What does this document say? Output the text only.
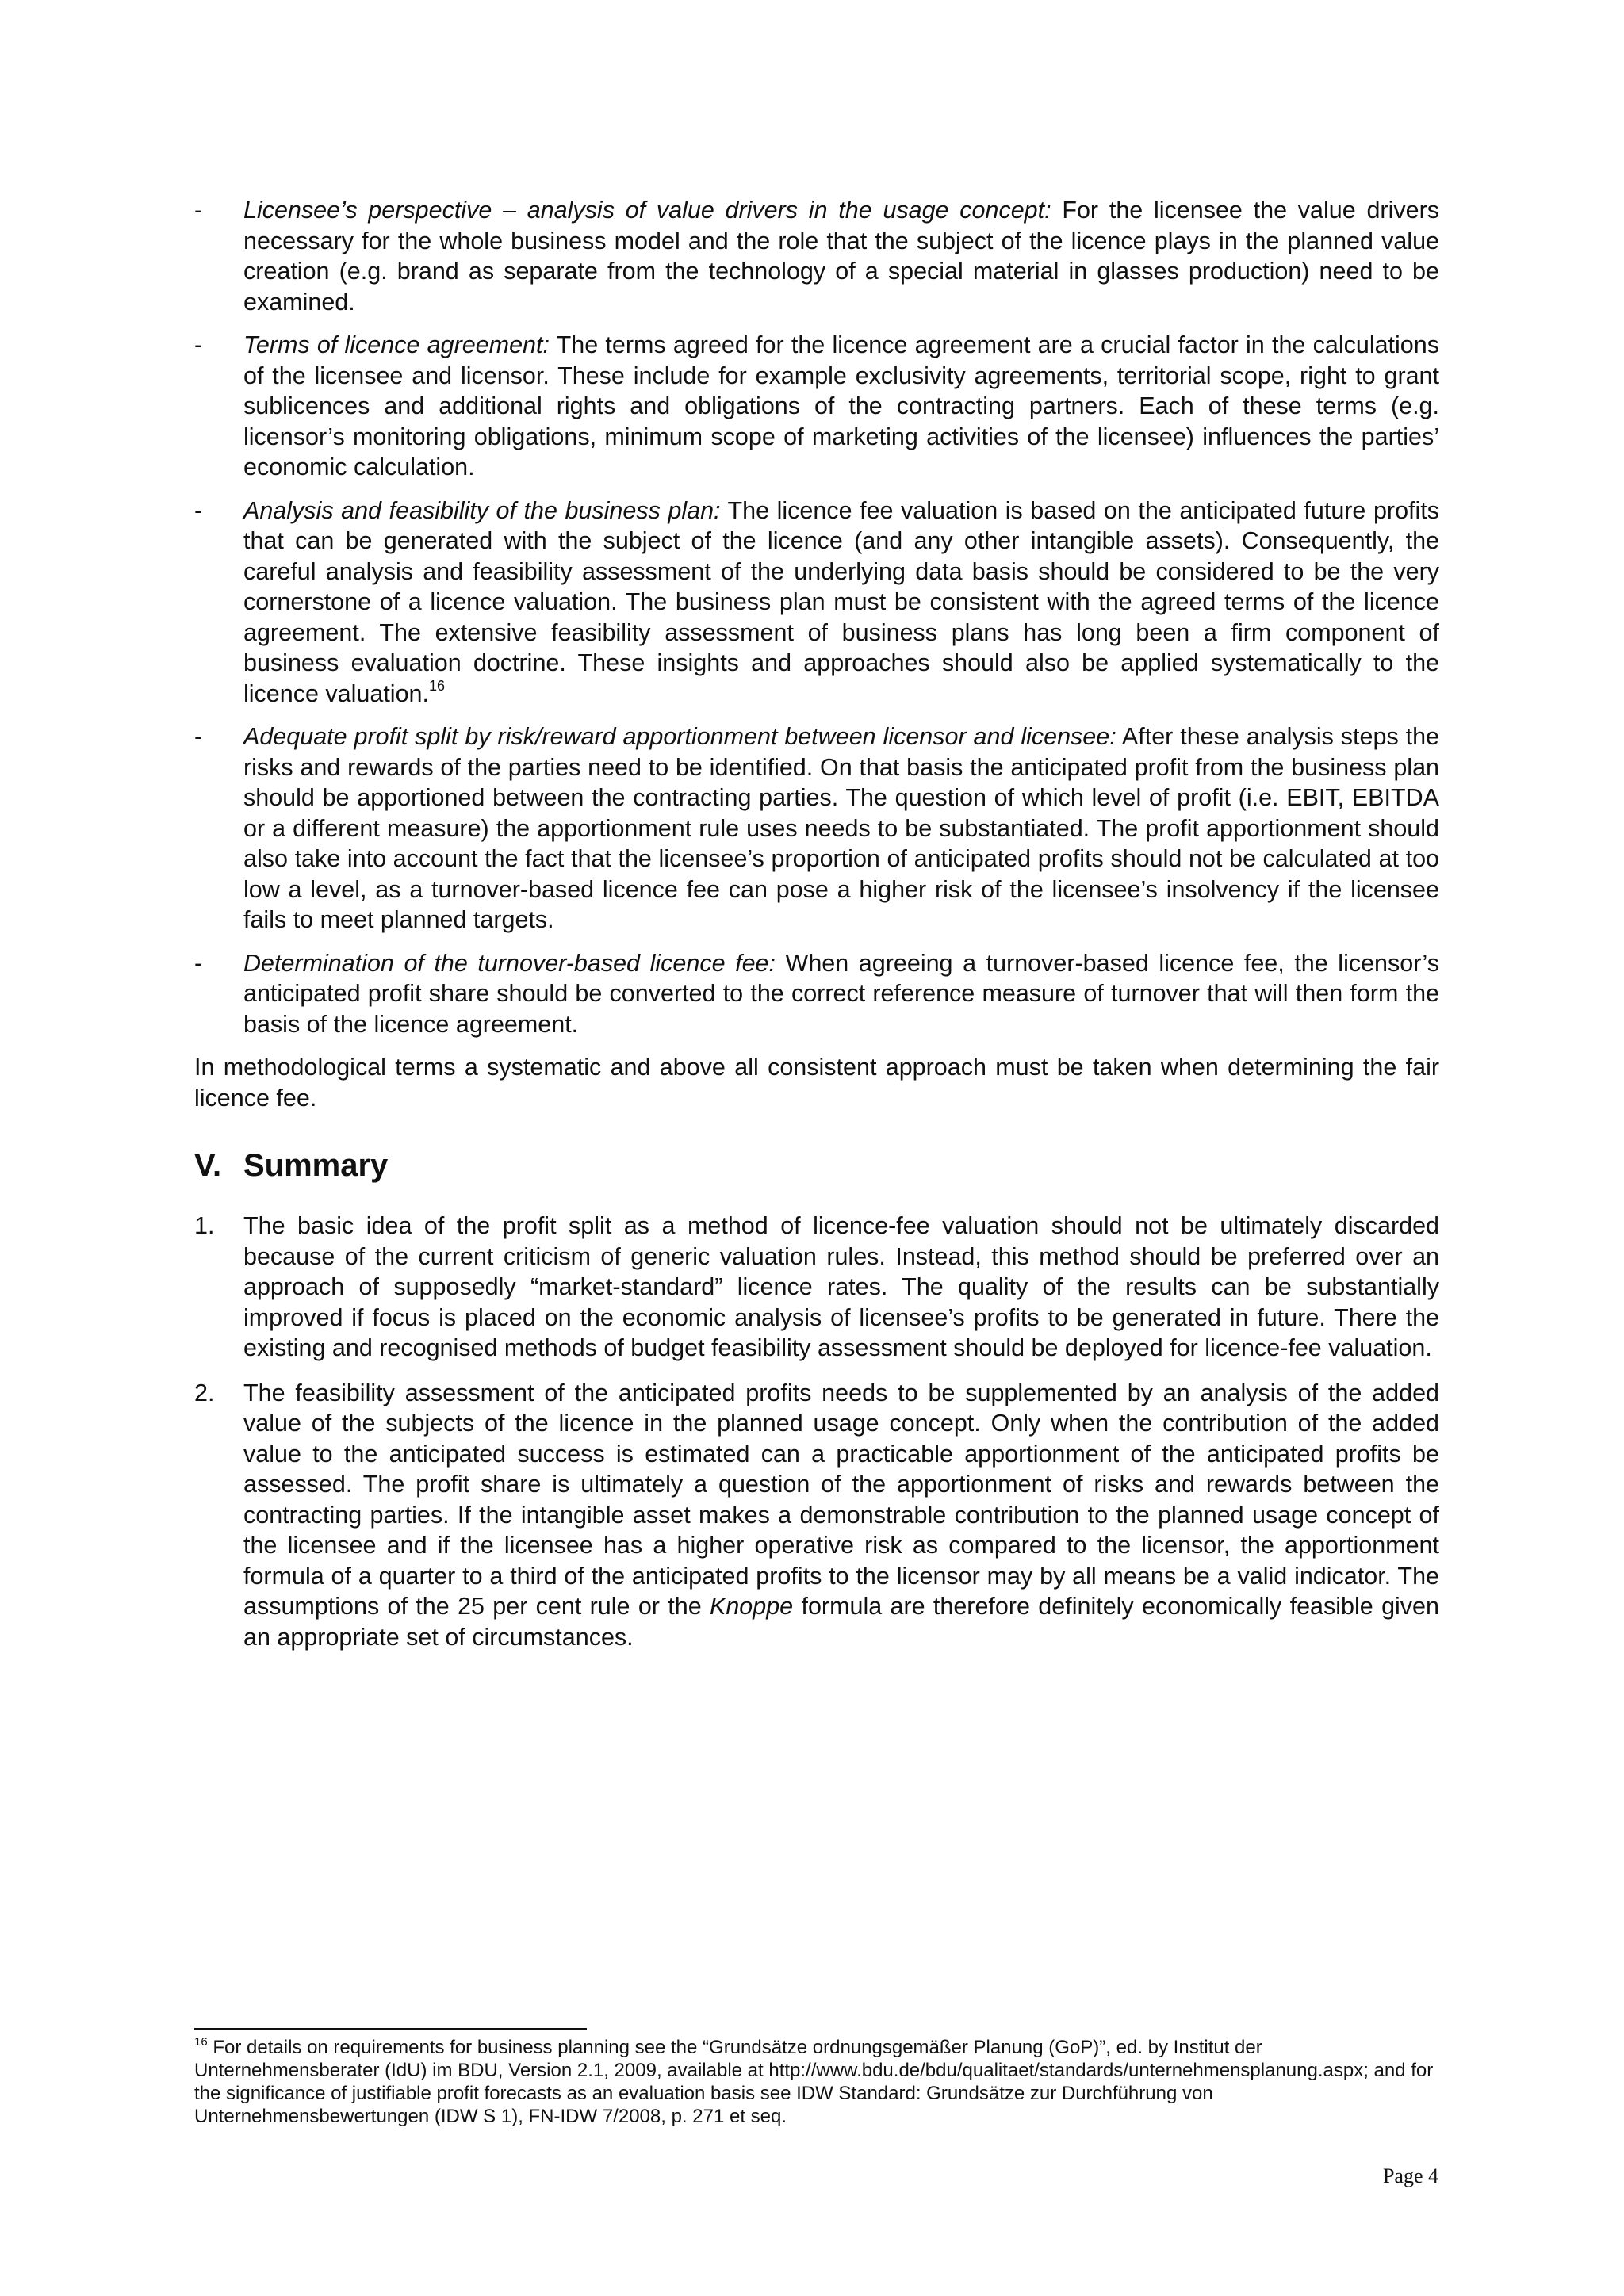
- Licensee’s perspective – analysis of value drivers in the usage concept: For the licensee the value drivers necessary for the whole business model and the role that the subject of the licence plays in the planned value creation (e.g. brand as separate from the technology of a special material in glasses production) need to be examined.
- Terms of licence agreement: The terms agreed for the licence agreement are a crucial factor in the calculations of the licensee and licensor. These include for example exclusivity agreements, territorial scope, right to grant sublicences and additional rights and obligations of the contracting partners. Each of these terms (e.g. licensor’s monitoring obligations, minimum scope of marketing activities of the licensee) influences the parties’ economic calculation.
- Analysis and feasibility of the business plan: The licence fee valuation is based on the anticipated future profits that can be generated with the subject of the licence (and any other intangible assets). Consequently, the careful analysis and feasibility assessment of the underlying data basis should be considered to be the very cornerstone of a licence valuation. The business plan must be consistent with the agreed terms of the licence agreement. The extensive feasibility assessment of business plans has long been a firm component of business evaluation doctrine. These insights and approaches should also be applied systematically to the licence valuation.$^{16}$
- Adequate profit split by risk/reward apportionment between licensor and licensee: After these analysis steps the risks and rewards of the parties need to be identified. On that basis the anticipated profit from the business plan should be apportioned between the contracting parties. The question of which level of profit (i.e. EBIT, EBITDA or a different measure) the apportionment rule uses needs to be substantiated. The profit apportionment should also take into account the fact that the licensee’s proportion of anticipated profits should not be calculated at too low a level, as a turnover-based licence fee can pose a higher risk of the licensee’s insolvency if the licensee fails to meet planned targets.
- Determination of the turnover-based licence fee: When agreeing a turnover-based licence fee, the licensor’s anticipated profit share should be converted to the correct reference measure of turnover that will then form the basis of the licence agreement.

In methodological terms a systematic and above all consistent approach must be taken when determining the fair licence fee.

V. Summary
1. The basic idea of the profit split as a method of licence-fee valuation should not be ultimately discarded because of the current criticism of generic valuation rules. Instead, this method should be preferred over an approach of supposedly “market-standard” licence rates. The quality of the results can be substantially improved if focus is placed on the economic analysis of licensee’s profits to be generated in future. There the existing and recognised methods of budget feasibility assessment should be deployed for licence-fee valuation.
2. The feasibility assessment of the anticipated profits needs to be supplemented by an analysis of the added value of the subjects of the licence in the planned usage concept. Only when the contribution of the added value to the anticipated success is estimated can a practicable apportionment of the anticipated profits be assessed. The profit share is ultimately a question of the apportionment of risks and rewards between the contracting parties. If the intangible asset makes a demonstrable contribution to the planned usage concept of the licensee and if the licensee has a higher operative risk as compared to the licensor, the apportionment formula of a quarter to a third of the anticipated profits to the licensor may by all means be a valid indicator. The assumptions of the 25 per cent rule or the Knoppe formula are therefore definitely economically feasible given an appropriate set of circumstances.
$^{16}$ For details on requirements for business planning see the “Grundsätze ordnungsgemäßer Planung (GoP)”, ed. by Institut der Unternehmensberater (IdU) im BDU, Version 2.1, 2009, available at http://www.bdu.de/bdu/qualitaet/standards/unternehmensplanung.aspx; and for the significance of justifiable profit forecasts as an evaluation basis see IDW Standard: Grundsätze zur Durchführung von Unternehmensbewertungen (IDW S 1), FN-IDW 7/2008, p. 271 et seq.
Page 4
